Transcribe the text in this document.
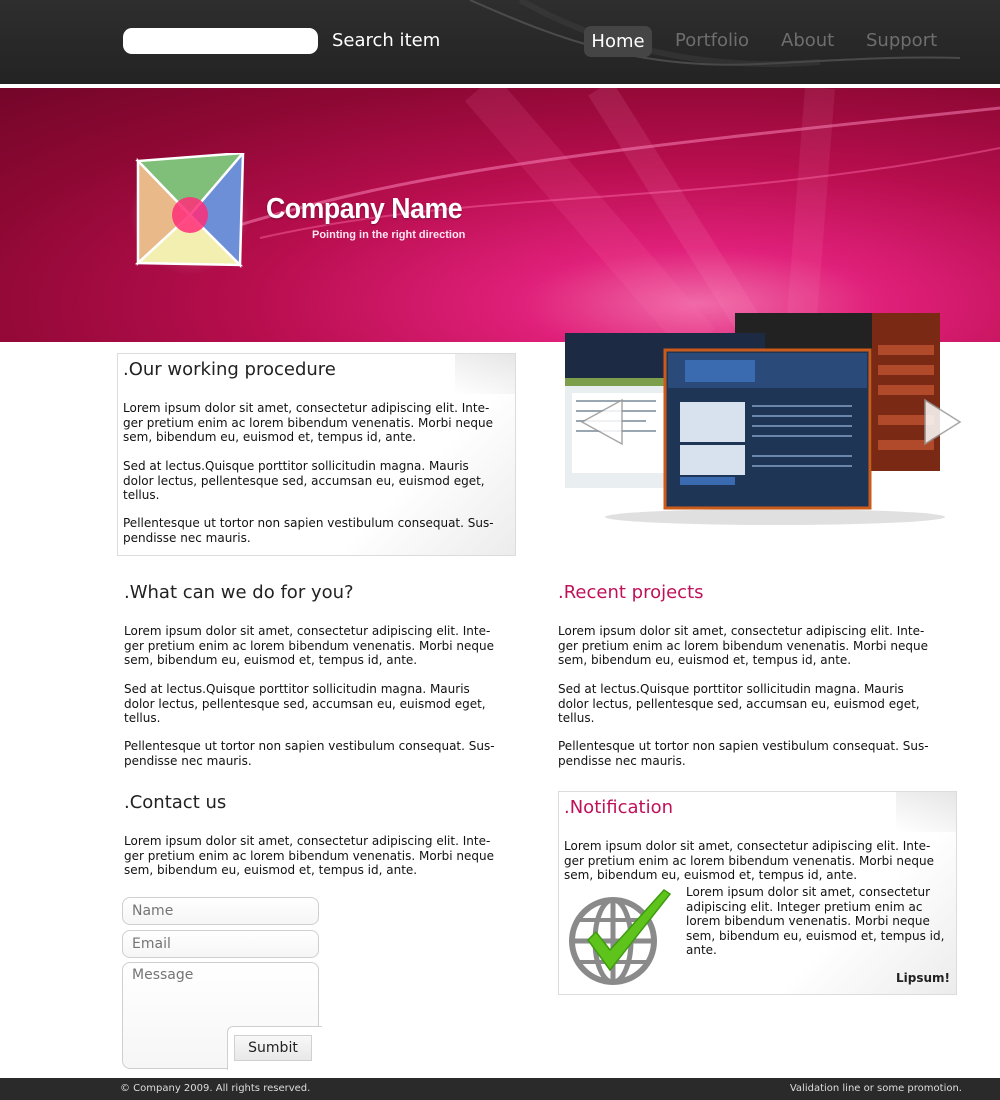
Search item	Home	Portfolio About Support
Company Name
Pointing in the right direction
.Our working procedure
Lorem ipsum dolor sit amet, consectetur adipiscing elit. Inte-ger pretium enim ac lorem bibendum venenatis. Morbi neque sem, bibendum eu, euismod et, tempus id, ante.
Sed at lectus.Quisque porttitor sollicitudin magna. Mauris dolor lectus, pellentesque sed, accumsan eu, euismod eget, tellus.
Pellentesque ut tortor non sapien vestibulum consequat. Sus-pendisse nec mauris.
.What can we do for you?
Lorem ipsum dolor sit amet, consectetur adipiscing elit. Inte-ger pretium enim ac lorem bibendum venenatis. Morbi neque sem, bibendum eu, euismod et, tempus id, ante.
Sed at lectus.Quisque porttitor sollicitudin magna. Mauris dolor lectus, pellentesque sed, accumsan eu, euismod eget, tellus.
Pellentesque ut tortor non sapien vestibulum consequat. Sus-pendisse nec mauris.
.Recent projects
Lorem ipsum dolor sit amet, consectetur adipiscing elit. Inte-ger pretium enim ac lorem bibendum venenatis. Morbi neque sem, bibendum eu, euismod et, tempus id, ante.
Sed at lectus.Quisque porttitor sollicitudin magna. Mauris dolor lectus, pellentesque sed, accumsan eu, euismod eget, tellus.
Pellentesque ut tortor non sapien vestibulum consequat. Sus-pendisse nec mauris.
.Contact us
Lorem ipsum dolor sit amet, consectetur adipiscing elit. Inte-ger pretium enim ac lorem bibendum venenatis. Morbi neque sem, bibendum eu, euismod et, tempus id, ante.
Name
Email
Message
Sumbit
.Notification
Lorem ipsum dolor sit amet, consectetur adipiscing elit. Inte-ger pretium enim ac lorem bibendum venenatis. Morbi neque sem, bibendum eu, euismod et, tempus id, ante.
Lorem ipsum dolor sit amet, consectetur adipiscing elit. Integer pretium enim ac lorem bibendum venenatis. Morbi neque sem, bibendum eu, euismod et, tempus id, ante.
Lipsum!
© Company 2009. All rights reserved.	Validation line or some promotion.
